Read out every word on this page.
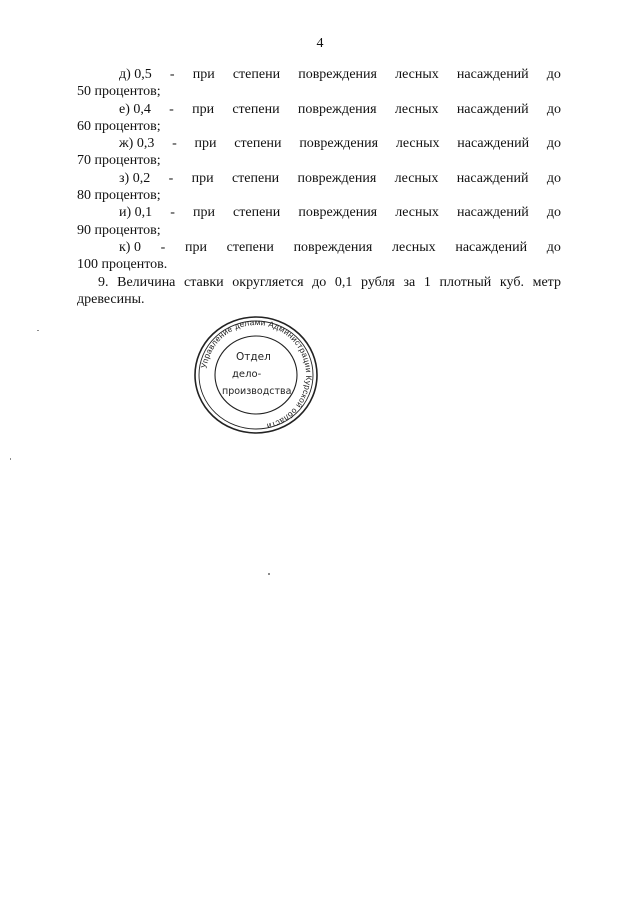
4
д) 0,5 - при степени повреждения лесных насаждений до
50 процентов;
е) 0,4 - при степени повреждения лесных насаждений до
60 процентов;
ж) 0,3 - при степени повреждения лесных насаждений до
70 процентов;
з) 0,2 - при степени повреждения лесных насаждений до
80 процентов;
и) 0,1 - при степени повреждения лесных насаждений до
90 процентов;
к) 0 - при степени повреждения лесных насаждений до
100 процентов.
9. Величина ставки округляется до 0,1 рубля за 1 плотный куб. метр
древесины.
Управление делами Администрации Курской области
Отдел
дело-
производства
